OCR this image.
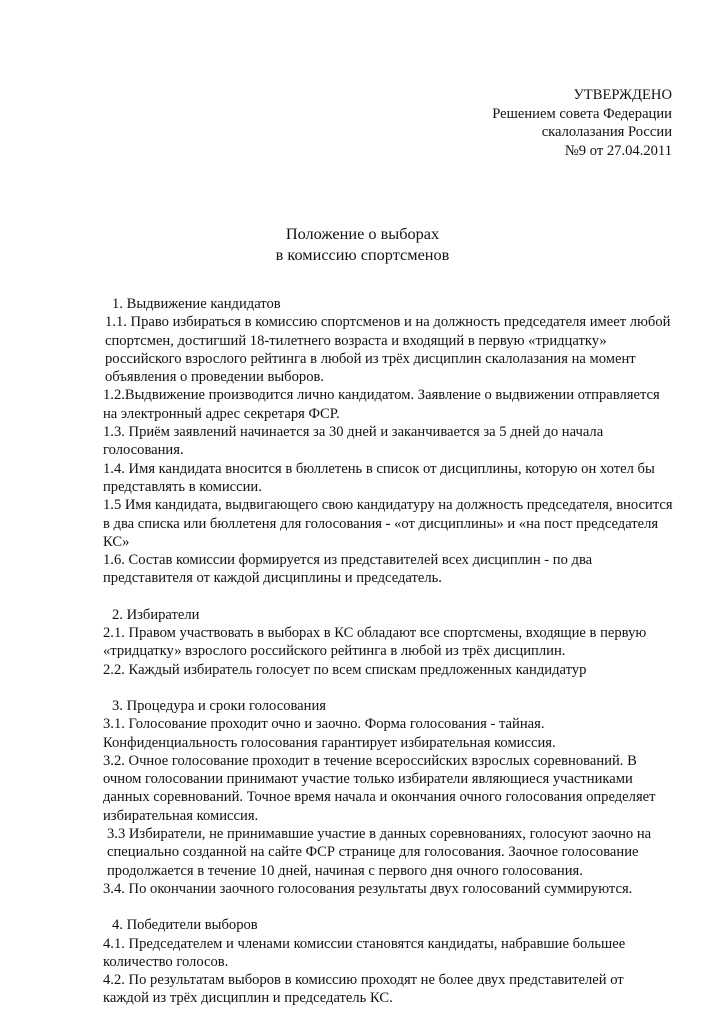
УТВЕРЖДЕНО
Решением совета Федерации
скалолазания России
№9 от 27.04.2011
Положение о выборах
в комиссию спортсменов
1. Выдвижение кандидатов

1.1. Право избираться в комиссию спортсменов и на должность председателя имеет любой спортсмен, достигший 18-тилетнего возраста и входящий в первую «тридцатку» российского взрослого рейтинга в любой из трёх дисциплин скалолазания на момент объявления о проведении выборов.

1.2.Выдвижение производится лично кандидатом. Заявление о выдвижении отправляется на электронный адрес секретаря ФСР.

1.3. Приём заявлений начинается за 30 дней и заканчивается за 5 дней до начала голосования.

1.4. Имя кандидата вносится в бюллетень в список от дисциплины, которую он хотел бы представлять в комиссии.

1.5 Имя кандидата, выдвигающего свою кандидатуру на должность председателя, вносится в два списка или бюллетеня для голосования - «от дисциплины» и «на пост председателя КС»

1.6. Состав комиссии формируется из представителей всех дисциплин - по два представителя от каждой дисциплины и председатель.

2. Избиратели

2.1. Правом участвовать в выборах в КС обладают все спортсмены, входящие в первую «тридцатку» взрослого российского рейтинга в любой из трёх дисциплин.

2.2. Каждый избиратель голосует по всем спискам предложенных кандидатур

3. Процедура и сроки голосования

3.1. Голосование проходит очно и заочно. Форма голосования - тайная. Конфиденциальность голосования гарантирует избирательная комиссия.

3.2. Очное голосование проходит в течение всероссийских взрослых соревнований. В очном голосовании принимают участие только избиратели являющиеся участниками данных соревнований. Точное время начала и окончания очного голосования определяет избирательная комиссия.

3.3 Избиратели, не принимавшие участие в данных соревнованиях, голосуют заочно на специально созданной на сайте ФСР странице для голосования. Заочное голосование продолжается в течение 10 дней, начиная с первого дня очного голосования.

3.4. По окончании заочного голосования результаты двух голосований суммируются.

4. Победители выборов

4.1. Председателем и членами комиссии становятся кандидаты, набравшие большее количество голосов.

4.2. По результатам выборов в комиссию проходят не более двух представителей от каждой из трёх дисциплин и председатель КС.
